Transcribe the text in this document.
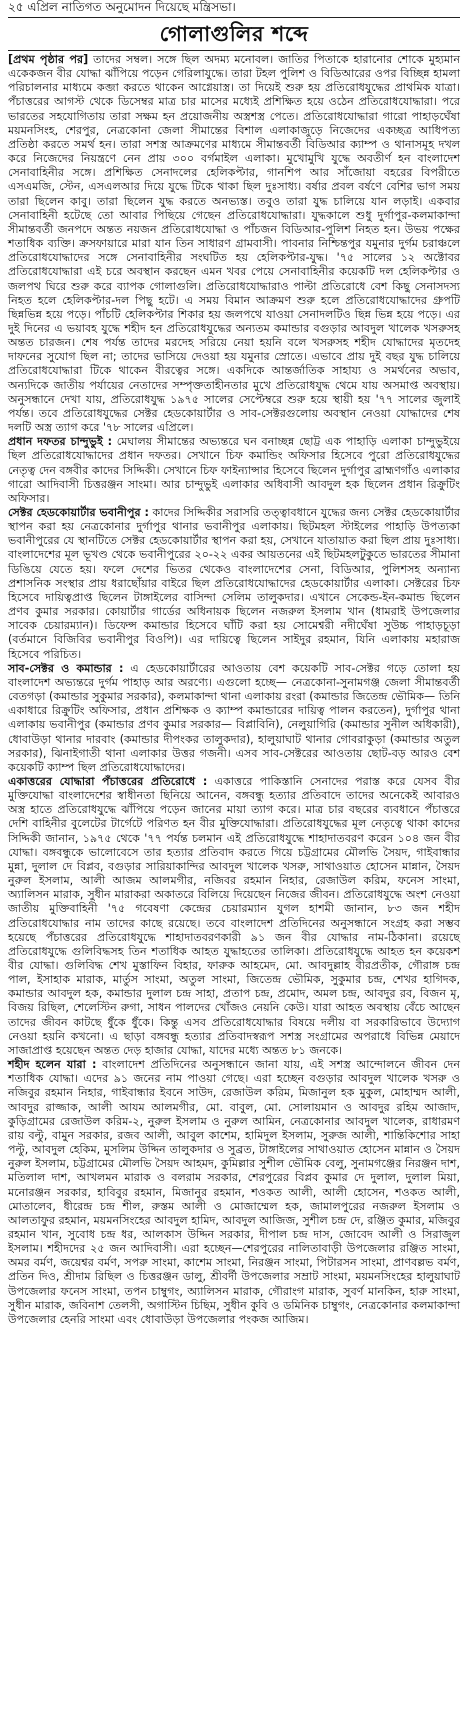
২৫ এপ্রিল নাতিগত অনুমোদন দিয়েছে মন্ত্রিসভা।
গোলাগুলির শব্দে

[প্রথম পৃষ্ঠার পর] তাদের সম্বল। সঙ্গে ছিল অদম্য মনোবল। জাতির পিতাকে হারানোর শোকে মুহ্যমান একেকজন বীর যোদ্ধা ঝাঁপিয়ে পড়েন গেরিলাযুদ্ধে। তারা টহল পুলিশ ও বিডিআরের ওপর বিচ্ছিন্ন হামলা পরিচালনার মাধ্যমে কব্জা করতে থাকেন আগ্নেয়াস্ত্র। তা দিয়েই শুরু হয় প্রতিরোধযুদ্ধের প্রাথমিক যাত্রা। পঁচাত্তরের আগস্ট থেকে ডিসেম্বর মাত্র চার মাসের মধ্যেই প্রশিক্ষিত হয়ে ওঠেন প্রতিরোধযোদ্ধারা। পরে ভারতের সহযোগিতায় তারা সক্ষম হন প্রয়োজনীয় অস্ত্রশস্ত্র পেতে। প্রতিরোধযোদ্ধারা গারো পাহাড়ঘেঁষা ময়মনসিংহ, শেরপুর, নেত্রকোনা জেলা সীমান্তের বিশাল এলাকাজুড়ে নিজেদের একচ্ছত্র আধিপত্য প্রতিষ্ঠা করতে সমর্থ হন। তারা সশস্ত্র আক্রমণের মাধ্যমে সীমান্তবর্তী বিডিআর ক্যাম্প ও থানাসমূহ দখল করে নিজেদের নিয়ন্ত্রণে নেন প্রায় ৩০০ বর্গমাইল এলাকা। মুখোমুখি যুদ্ধে অবতীর্ণ হন বাংলাদেশ সেনাবাহিনীর সঙ্গে। প্রশিক্ষিত সেনাদলের হেলিকপ্টার, গানশিপ আর সাঁজোয়া বহরের বিপরীতে এসএমজি, স্টেন, এসএলআর দিয়ে যুদ্ধে টিকে থাকা ছিল দুঃসাধ্য। বর্ষার প্রবল বর্ষণে বেশির ভাগ সময় তারা ছিলেন কাবু। তারা ছিলেন যুদ্ধ করতে অনভ্যস্ত। তবুও তারা যুদ্ধ চালিয়ে যান লড়াই। একবার সেনাবাহিনী হটেছে তো আবার পিছিয়ে গেছেন প্রতিরোধযোদ্ধারা। যুদ্ধকালে শুধু দুর্গাপুর-কলমাকান্দা সীমান্তবর্তী জনপদে অন্তত নয়জন প্রতিরোধযোদ্ধা ও পাঁচজন বিডিআর-পুলিশ নিহত হন। উভয় পক্ষের শতাধিক ব্যক্তি। ক্রসফায়ারে মারা যান তিন সাধারণ গ্রামবাসী। পাবনার নিশ্চিন্তপুর যমুনার দুর্গম চরাঞ্চলে প্রতিরোধযোদ্ধাদের সঙ্গে সেনাবাহিনীর সংঘটিত হয় হেলিকপ্টার-যুদ্ধ। '৭৫ সালের ১২ অক্টোবর প্রতিরোধযোদ্ধারা এই চরে অবস্থান করছেন এমন খবর পেয়ে সেনাবাহিনীর কয়েকটি দল হেলিকপ্টার ও জলপথ ঘিরে শুরু করে ব্যাপক গোলাগুলি। প্রতিরোধযোদ্ধারাও পাল্টা প্রতিরোধে বেশ কিছু সেনাসদস্য নিহত হলে হেলিকপ্টার-দল পিছু হটে। এ সময় বিমান আক্রমণ শুরু হলে প্রতিরোধযোদ্ধাদের গ্রুপটি ছিন্নভিন্ন হয়ে পড়ে। পাঁচটি হেলিকপ্টার শিকার হয় জলপথে যাওয়া সেনাদলটিও ছিন্ন ভিন্ন হয়ে পড়ে। এর দুই দিনের এ ভয়াবহ যুদ্ধে শহীদ হন প্রতিরোধযুদ্ধের অন্যতম কমান্ডার বগুড়ার আবদুল খালেক খসরুসহ অন্তত চারজন। শেষ পর্যন্ত তাদের মরদেহ সরিয়ে নেয়া হয়নি বলে খসরুসহ শহীদ যোদ্ধাদের মৃতদেহ দাফনের সুযোগ ছিল না; তাদের ভাসিয়ে দেওয়া হয় যমুনার স্রোতে। এভাবে প্রায় দুই বছর যুদ্ধ চালিয়ে প্রতিরোধযোদ্ধারা টিকে থাকেন বীরত্বের সঙ্গে। একদিকে আন্তর্জাতিক সাহায্য ও সমর্থনের অভাব, অন্যদিকে জাতীয় পর্যায়ের নেতাদের সম্পৃক্ততাহীনতার মুখে প্রতিরোধযুদ্ধ থেমে যায় অসমাপ্ত অবস্থায়। অনুসন্ধানে দেখা যায়, প্রতিরোধযুদ্ধ ১৯৭৫ সালের সেপ্টেম্বরে শুরু হয়ে স্থায়ী হয় '৭৭ সালের জুলাই পর্যন্ত। তবে প্রতিরোধযুদ্ধের সেক্টর হেডকোয়ার্টার ও সাব-সেক্টরগুলোয় অবস্থান নেওয়া যোদ্ধাদের শেষ দলটি অস্ত্র ত্যাগ করে '৭৮ সালের এপ্রিলে।

প্রধান দফতর চান্দুভুই : মেঘালয় সীমান্তের অভ্যন্তরে ঘন বনাচ্ছন্ন ছোট্ট এক পাহাড়ি এলাকা চান্দুভুইয়ে ছিল প্রতিরোধযোদ্ধাদের প্রধান দফতর। সেখানে চিফ কমান্ডিং অফিসার হিসেবে পুরো প্রতিরোধযুদ্ধের নেতৃত্ব দেন বঙ্গবীর কাদের সিদ্দিকী। সেখানে চিফ ফাইন্যান্সার হিসেবে ছিলেন দুর্গাপুর ব্রাহ্মণগাঁও এলাকার গারো আদিবাসী চিত্তরঞ্জন সাংমা। আর চান্দুভুই এলাকার অধিবাসী আবদুল হক ছিলেন প্রধান রিক্রুটিং অফিসার।

সেক্টর হেডকোয়ার্টার ভবানীপুর : কাদের সিদ্দিকীর সরাসরি তত্ত্বাবধানে যুদ্ধের জন্য সেক্টর হেডকোয়ার্টার স্থাপন করা হয় নেত্রকোনার দুর্গাপুর থানার ভবানীপুর এলাকায়। ছিটমহল স্টাইলের পাহাড়ি উপত্যকা ভবানীপুরের যে স্থানটিতে সেক্টর হেডকোয়ার্টার স্থাপন করা হয়, সেখানে যাতায়াত করা ছিল প্রায় দুঃসাধ্য। বাংলাদেশের মূল ভূখণ্ড থেকে ভবানীপুরের ২০-২২ একর আয়তনের এই ছিটমহলটুকুতে ভারতের সীমানা ডিঙিয়ে যেতে হয়। ফলে দেশের ভিতর থেকেও বাংলাদেশের সেনা, বিডিআর, পুলিশসহ অন্যান্য প্রশাসনিক সংস্থার প্রায় ধরাছোঁয়ার বাইরে ছিল প্রতিরোধযোদ্ধাদের হেডকোয়ার্টার এলাকা। সেক্টরের চিফ হিসেবে দায়িত্বপ্রাপ্ত ছিলেন টাঙ্গাইলের বাসিন্দা সেলিম তালুকদার। এখানে সেকেন্ড-ইন-কমান্ড ছিলেন প্রণব কুমার সরকার। কোয়ার্টার গার্ডের অধিনায়ক ছিলেন নজরুল ইসলাম খান (ধামরাই উপজেলার সাবেক চেয়ারম্যান)। ডিফেন্স কমান্ডার হিসেবে ঘাঁটি করা হয় সোমেশ্বরী নদীঘেঁষা সুউচ্চ পাহাড়চূড়া (বর্তমানে বিজিবির ভবানীপুর বিওপি)। এর দায়িত্বে ছিলেন সাইদুর রহমান, যিনি এলাকায় মহারাজ হিসেবে পরিচিত।

সাব-সেক্টর ও কমান্ডার : এ হেডকোয়ার্টারের আওতায় বেশ কয়েকটি সাব-সেক্টর গড়ে তোলা হয় বাংলাদেশ অভ্যন্তরে দুর্গম পাহাড় আর অরণ্যে। এগুলো হচ্ছে— নেত্রকোনা-সুনামগঞ্জ জেলা সীমান্তবর্তী বেতগড়া (কমান্ডার সুকুমার সরকার), কলমাকান্দা থানা এলাকায় রংরা (কমান্ডার জিতেন্দ্র ভৌমিক— তিনি একাধারে রিক্রুটিং অফিসার, প্রধান প্রশিক্ষক ও ক্যাম্প কমান্ডারের দায়িত্ব পালন করতেন), দুর্গাপুর থানা এলাকায় ভবানীপুর (কমান্ডার প্রণব কুমার সরকার— বিপ্লাবিনি), নেলুয়াগিরি (কমান্ডার সুনীল অধিকারী), ধোবাউড়া থানার দারবাং (কমান্ডার দীপংকর তালুকদার), হালুয়াঘাট থানার গোবরাকুড়া (কমান্ডার অতুল সরকার), ঝিনাইগাতী থানা এলাকার উত্তর গজনী। এসব সাব-সেক্টরের আওতায় ছোট-বড় আরও বেশ কয়েকটি ক্যাম্প ছিল প্রতিরোধযোদ্ধাদের।

একাত্তরের যোদ্ধারা পঁচাত্তরের প্রতিরোধে : একাত্তরে পাকিস্তানি সেনাদের পরাস্ত করে যেসব বীর মুক্তিযোদ্ধা বাংলাদেশের স্বাধীনতা ছিনিয়ে আনেন, বঙ্গবন্ধু হত্যার প্রতিবাদে তাদের অনেকেই আবারও অস্ত্র হাতে প্রতিরোধযুদ্ধে ঝাঁপিয়ে পড়েন জানের মায়া ত্যাগ করে। মাত্র চার বছরের ব্যবধানে পঁচাত্তরে দেশি বাহিনীর বুলেটের টার্গেটে পরিণত হন বীর মুক্তিযোদ্ধারা। প্রতিরোধযুদ্ধের মূল নেতৃত্বে থাকা কাদের সিদ্দিকী জানান, ১৯৭৫ থেকে '৭৭ পর্যন্ত চলমান এই প্রতিরোধযুদ্ধে শাহাদাতবরণ করেন ১০৪ জন বীর যোদ্ধা। বঙ্গবন্ধুকে ভালোবেসে তার হত্যার প্রতিবাদ করতে গিয়ে চট্টগ্রামের মৌলভি সৈয়দ, গাইবান্ধার মুন্না, দুলাল দে বিপ্লব, বগুড়ার সারিয়াকান্দির আবদুল খালেক খসরু, সাথাওয়াত হোসেন মান্নান, সৈয়দ নুরুল ইসলাম, আলী আজম আলমগীর, নজিবর রহমান নিহার, রেজাউল করিম, ফনেস সাংমা, অ্যালিসন মারাক, সুধীন মারাকরা অকাতরে বিলিয়ে দিয়েছেন নিজের জীবন। প্রতিরোধযুদ্ধে অংশ নেওয়া জাতীয় মুক্তিবাহিনী '৭৫ গবেষণা কেন্দ্রের চেয়ারম্যান যুগল হাশমী জানান, ৮৩ জন শহীদ প্রতিরোধযোদ্ধার নাম তাদের কাছে রয়েছে। তবে বাংলাদেশ প্রতিদিনের অনুসন্ধানে সংগ্রহ করা সম্ভব হয়েছে পঁচাত্তরের প্রতিরোধযুদ্ধে শাহাদাতবরণকারী ৯১ জন বীর যোদ্ধার নাম-ঠিকানা। রয়েছে প্রতিরোধযুদ্ধে গুলিবিদ্ধসহ তিন শতাধিক আহত যুদ্ধাহতের তালিকা। প্রতিরোধযুদ্ধে আহত হন কয়েকশ বীর যোদ্ধা। গুলিবিদ্ধ শেখ মুস্তাফিন বিহার, ফারুক আহমেদ, মো. আবদুল্লাহ বীরপ্রতীক, গৌরাঙ্গ চন্দ্র পাল, ইসাহাক মারাক, মার্তুস সাংমা, অতুল সাংমা, জিতেন্দ্র ভৌমিক, সুকুমার চন্দ্র, শেখর হাগিদক, কমান্ডার আবদুল হক, কমান্ডার দুলাল চন্দ্র সাহা, প্রতাপ চন্দ্র, প্রমোদ, অমল চন্দ্র, আবদুর রব, বিজন মৃ, বিজয় রিছিল, শেলেস্টিন রুগা, সাধন পালদের খোঁজও নেয়নি কেউ। যারা আহত অবস্থায় বেঁচে আছেন তাদের জীবন কাটছে ধুঁকে ধুঁকে। কিন্তু এসব প্রতিরোধযোদ্ধার বিষয়ে দলীয় বা সরকারিভাবে উদ্যোগ নেওয়া হয়নি কখনো। এ ছাড়া বঙ্গবন্ধু হত্যার প্রতিবাদস্বরূপ সশস্ত্র সংগ্রামের অপরাধে বিভিন্ন মেয়াদে সাজাপ্রাপ্ত হয়েছেন অন্তত দেড় হাজার যোদ্ধা, যাদের মধ্যে অন্তত ৮১ জনকে।

শহীদ হলেন যারা : বাংলাদেশ প্রতিদিনের অনুসন্ধানে জানা যায়, এই সশস্ত্র আন্দোলনে জীবন দেন শতাধিক যোদ্ধা। এদের ৯১ জনের নাম পাওয়া গেছে। এরা হচ্ছেন বগুড়ার আবদুল খালেক খসরু ও নজিবুর রহমান নিহার, গাইবান্ধার ইবনে সাউদ, রেজাউল করিম, মিজানুল হক মুকুল, মোহাম্মদ আলী, আবদুর রাজ্জাক, আলী আযম আলমগীর, মো. বাবুল, মো. সোলায়মান ও আবদুর রহিম আজাদ, কুড়িগ্রামের রেজাউল করিম-২, নুরুল ইসলাম ও নুরুল আমিন, নেত্রকোনার আবদুল খালেক, রাধারমণ রায় বল্টু, বামুন সরকার, রজব আলী, আবুল কাশেম, হামিদুল ইসলাম, সুরুজ আলী, শান্তিকিশোর সাহা পল্টু, আবদুল হেকিম, মুসলিম উদ্দিন তালুকদার ও সুব্রত, টাঙ্গাইলের সাথাওয়াত হোসেন মান্নান ও সৈয়দ নুরুল ইসলাম, চট্টগ্রামের মৌলভি সৈয়দ আহমদ, কুমিল্লার সুশীল ভৌমিক বেলু, সুনামগঞ্জের নিরঞ্জন দাশ, মতিলাল দাশ, আখলমন মারাক ও বলরাম সরকার, শেরপুরের বিপ্লব কুমার দে দুলাল, দুলাল মিয়া, মনোরঞ্জন সরকার, হাবিবুর রহমান, মিজানুর রহমান, শওকত আলী, আলী হোসেন, শওকত আলী, মোতালেব, ধীরেন্দ্র চন্দ্র শীল, রুস্তম আলী ও মোজাম্মেল হক, জামালপুরের নজরুল ইসলাম ও আলতাফুর রহমান, ময়মনসিংহের আবদুল হামিদ, আবদুল আজিজ, সুশীল চন্দ্র দে, রঞ্জিত কুমার, মজিবুর রহমান খান, সুবোধ চন্দ্র ধর, আলকাস উদ্দিন সরকার, দীপাল চন্দ্র দাস, জোবেদ আলী ও সিরাজুল ইসলাম। শহীদদের ২৫ জন আদিবাসী। এরা হচ্ছেন—শেরপুরের নালিতাবাড়ী উপজেলার রঞ্জিত সাংমা, অমর বর্মণ, জয়েশ্বর বর্মণ, সপরু সাংমা, কাশেম সাংমা, নিরঞ্জন সাংমা, পিটারসন সাংমা, প্রাণবল্লভ বর্মণ, প্রতিন দিও, শ্রীদাম রিছিল ও চিত্তরঞ্জন ডালু, শ্রীবর্দী উপজেলার সম্রাট সাংমা, ময়মনসিংহের হালুয়াঘাট উপজেলার ফনেস সাংমা, তপন চাম্বুগং, অ্যালিসন মারাক, গৌরাংগ মারাক, সুবর্ণ মানকিন, হারু সাংমা, সুধীন মারাক, জবিনাশ তেলসী, অগাস্টিন চিছিম, সুধীন কুবি ও ডমিনিক চাম্বুগং, নেত্রকোনার কলমাকান্দা উপজেলার হেনরি সাংমা এবং ধোবাউড়া উপজেলার পংকজ আজিম।
